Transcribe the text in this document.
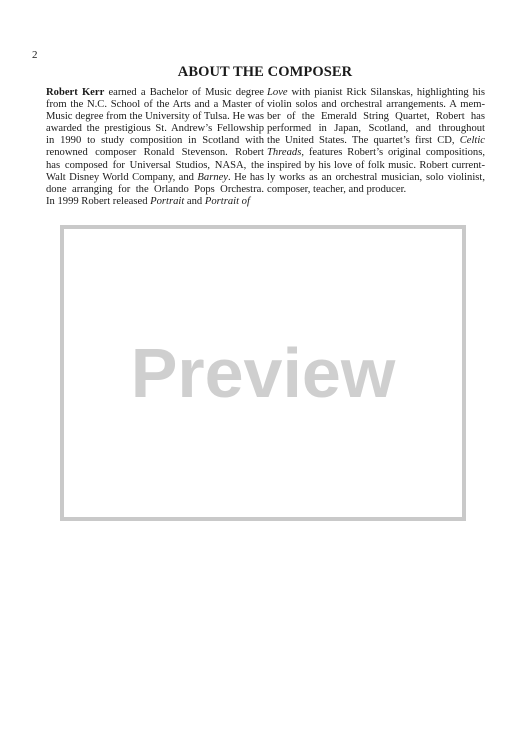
2
ABOUT THE COMPOSER
Robert Kerr earned a Bachelor of Music degree
from the N.C. School of the Arts and a Master of
Music degree from the University of Tulsa. He was
awarded the prestigious St. Andrew’s Fellowship
in 1990 to study composition in Scotland with
renowned composer Ronald Stevenson. Robert
has composed for Universal Studios, NASA, the
Walt Disney World Company, and Barney. He has
done arranging for the Orlando Pops Orchestra.
In 1999 Robert released Portrait and Portrait of
Love with pianist Rick Silanskas, highlighting his
violin solos and orchestral arrangements. A mem-
ber of the Emerald String Quartet, Robert has
performed in Japan, Scotland, and throughout
the United States. The quartet’s first CD, Celtic
Threads, features Robert’s original compositions,
inspired by his love of folk music. Robert current-
ly works as an orchestral musician, solo violinist,
composer, teacher, and producer.
Preview
